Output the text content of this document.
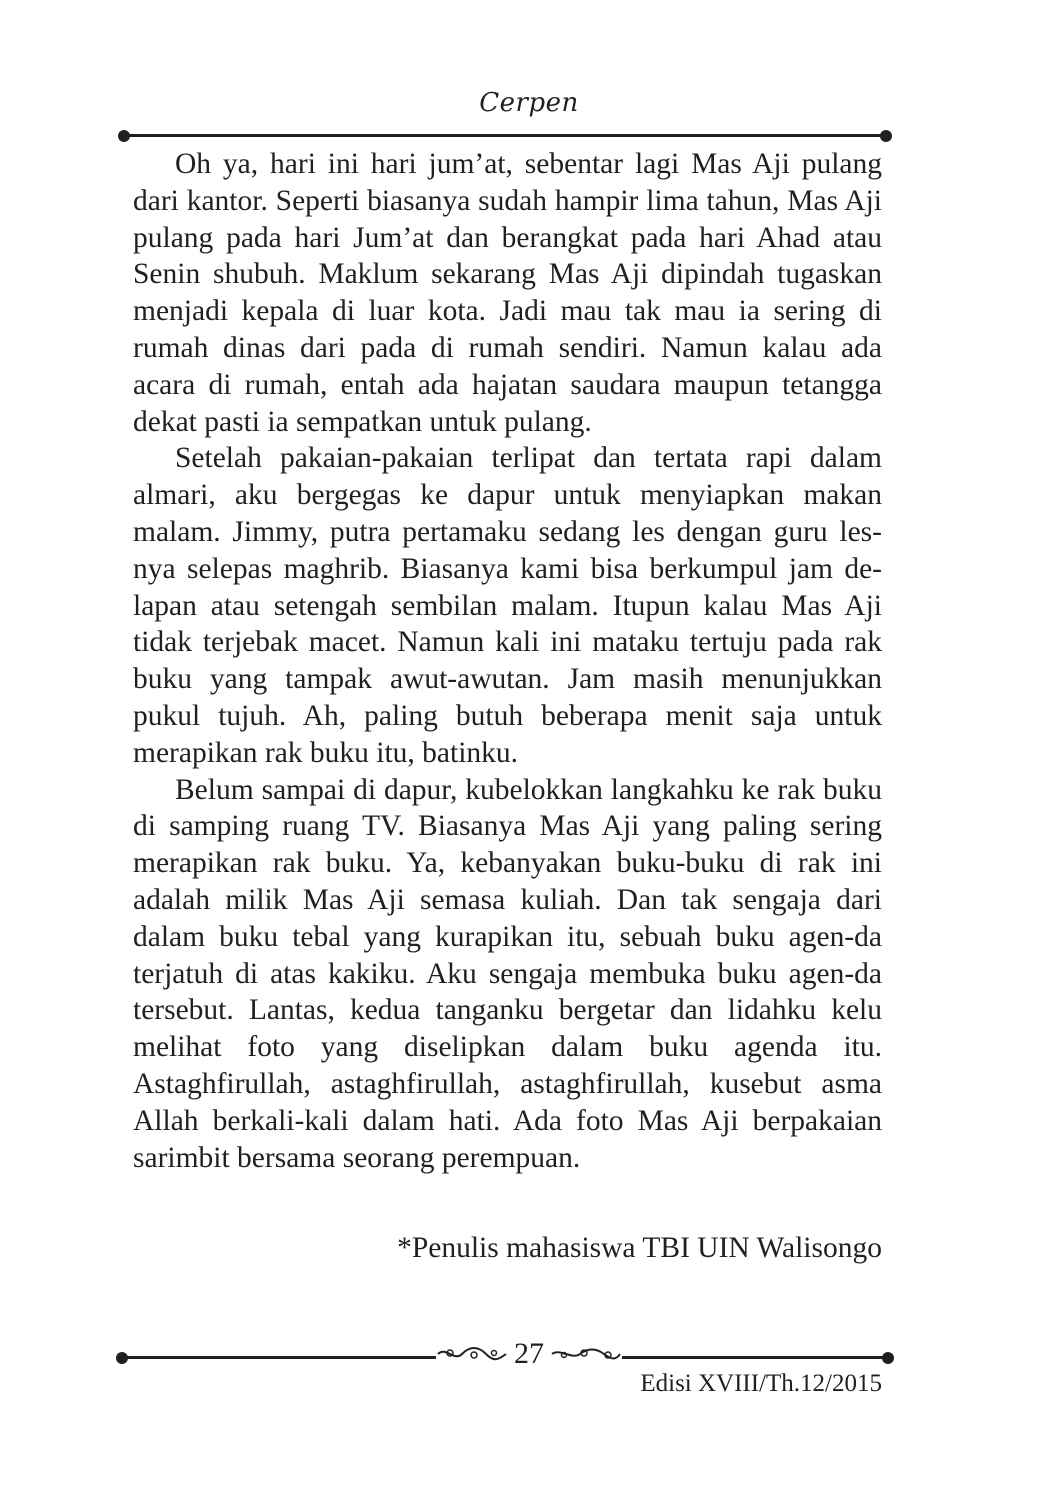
Cerpen

Oh ya, hari ini hari jum’at, sebentar lagi Mas Aji pulang dari kantor. Seperti biasanya sudah hampir lima tahun, Mas Aji pulang pada hari Jum’at dan berangkat pada hari Ahad atau Senin shubuh. Maklum sekarang Mas Aji dipindah tugaskan menjadi kepala di luar kota. Jadi mau tak mau ia sering di rumah dinas dari pada di rumah sendiri. Namun kalau ada acara di rumah, entah ada hajatan saudara maupun tetangga dekat pasti ia sempatkan untuk pulang.

Setelah pakaian-pakaian terlipat dan tertata rapi dalam almari, aku bergegas ke dapur untuk menyiapkan makan malam. Jimmy, putra pertamaku sedang les dengan guru les-nya selepas maghrib. Biasanya kami bisa berkumpul jam de-lapan atau setengah sembilan malam. Itupun kalau Mas Aji tidak terjebak macet. Namun kali ini mataku tertuju pada rak buku yang tampak awut-awutan. Jam masih menunjukkan pukul tujuh. Ah, paling butuh beberapa menit saja untuk merapikan rak buku itu, batinku.

Belum sampai di dapur, kubelokkan langkahku ke rak buku di samping ruang TV. Biasanya Mas Aji yang paling sering merapikan rak buku. Ya, kebanyakan buku-buku di rak ini adalah milik Mas Aji semasa kuliah. Dan tak sengaja dari dalam buku tebal yang kurapikan itu, sebuah buku agen-da terjatuh di atas kakiku. Aku sengaja membuka buku agen-da tersebut. Lantas, kedua tanganku bergetar dan lidahku kelu melihat foto yang diselipkan dalam buku agenda itu. Astaghfirullah, astaghfirullah, astaghfirullah, kusebut asma Allah berkali-kali dalam hati. Ada foto Mas Aji berpakaian sarimbit bersama seorang perempuan.

*Penulis mahasiswa TBI UIN Walisongo
27
Edisi XVIII/Th.12/2015
